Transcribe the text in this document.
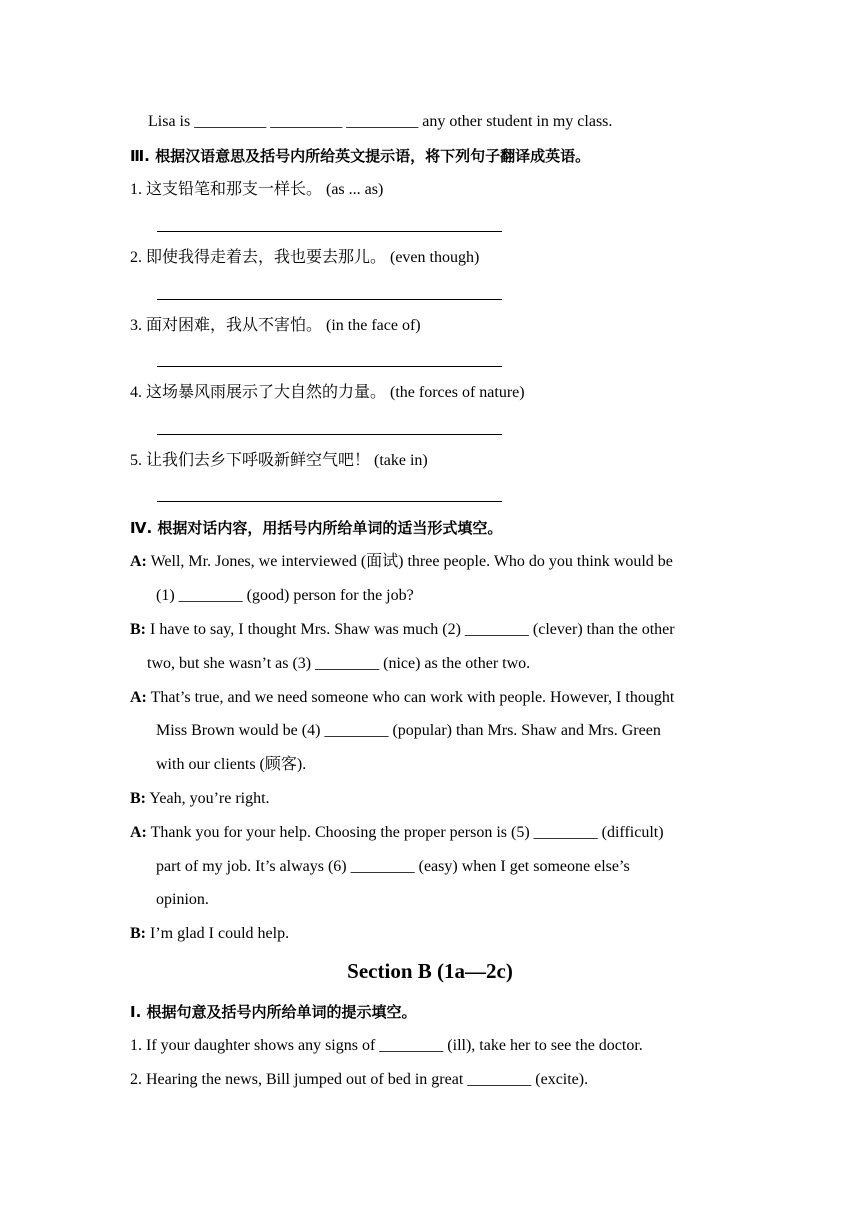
Lisa is _________ _________ _________ any other student in my class.
Ⅲ. 根据汉语意思及括号内所给英文提示语，将下列句子翻译成英语。
1. 这支铅笔和那支一样长。 (as ... as)
2. 即使我得走着去，我也要去那儿。 (even though)
3. 面对困难，我从不害怕。 (in the face of)
4. 这场暴风雨展示了大自然的力量。 (the forces of nature)
5. 让我们去乡下呼吸新鲜空气吧！ (take in)
Ⅳ. 根据对话内容，用括号内所给单词的适当形式填空。
A: Well, Mr. Jones, we interviewed (面试) three people. Who do you think would be
(1) ________ (good) person for the job?
B: I have to say, I thought Mrs. Shaw was much (2) ________ (clever) than the other
two, but she wasn’t as (3) ________ (nice) as the other two.
A: That’s true, and we need someone who can work with people. However, I thought
Miss Brown would be (4) ________ (popular) than Mrs. Shaw and Mrs. Green
with our clients (顾客).
B: Yeah, you’re right.
A: Thank you for your help. Choosing the proper person is (5) ________ (difficult)
part of my job. It’s always (6) ________ (easy) when I get someone else’s
opinion.
B: I’m glad I could help.
Section B (1a—2c)
Ⅰ. 根据句意及括号内所给单词的提示填空。
1. If your daughter shows any signs of ________ (ill), take her to see the doctor.
2. Hearing the news, Bill jumped out of bed in great ________ (excite).
